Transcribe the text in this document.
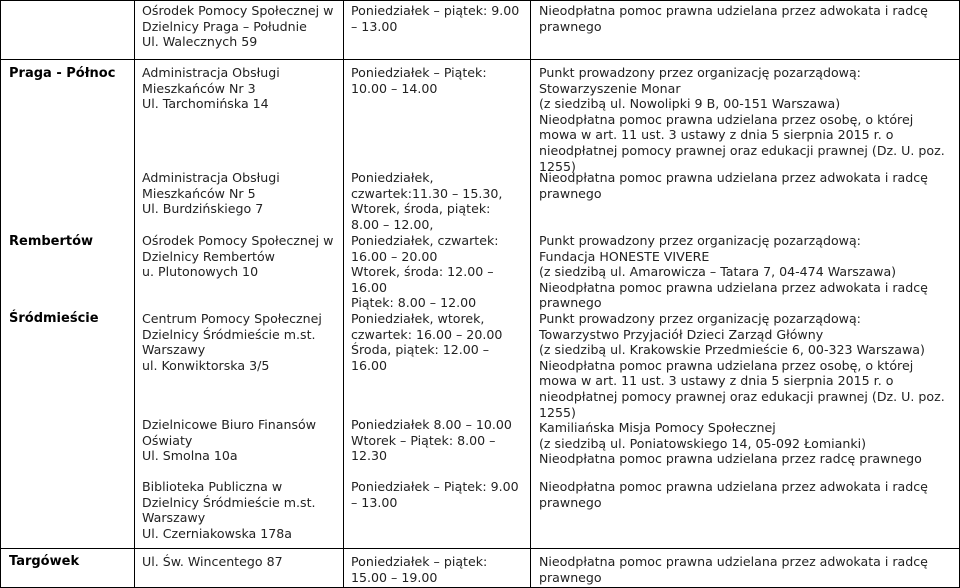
Ośrodek Pomocy Społecznej w
Dzielnicy Praga – Południe
Ul. Walecznych 59
Poniedziałek – piątek: 9.00
– 13.00
Nieodpłatna pomoc prawna udzielana przez adwokata i radcę
prawnego
Praga - Północ
Rembertów
Śródmieście
Targówek
Administracja Obsługi
Mieszkańców Nr 3
Ul. Tarchomińska 14
Administracja Obsługi
Mieszkańców Nr 5
Ul. Burdzińskiego 7
Ośrodek Pomocy Społecznej w
Dzielnicy Rembertów
u. Plutonowych 10
Centrum Pomocy Społecznej
Dzielnicy Śródmieście m.st.
Warszawy
ul. Konwiktorska 3/5
Dzielnicowe Biuro Finansów
Oświaty
Ul. Smolna 10a
Biblioteka Publiczna w
Dzielnicy Śródmieście m.st.
Warszawy
Ul. Czerniakowska 178a
Ul. Św. Wincentego 87
Poniedziałek – Piątek:
10.00 – 14.00
Poniedziałek,
czwartek:11.30 – 15.30,
Wtorek, środa, piątek:
8.00 – 12.00,
Poniedziałek, czwartek:
16.00 – 20.00
Wtorek, środa: 12.00 –
16.00
Piątek: 8.00 – 12.00
Poniedziałek, wtorek,
czwartek: 16.00 – 20.00
Środa, piątek: 12.00 –
16.00
Poniedziałek 8.00 – 10.00
Wtorek – Piątek: 8.00 –
12.30
Poniedziałek – Piątek: 9.00
– 13.00
Poniedziałek – piątek:
15.00 – 19.00
Punkt prowadzony przez organizację pozarządową:
Stowarzyszenie Monar
(z siedzibą ul. Nowolipki 9 B, 00-151 Warszawa)
Nieodpłatna pomoc prawna udzielana przez osobę, o której
mowa w art. 11 ust. 3 ustawy z dnia 5 sierpnia 2015 r. o
nieodpłatnej pomocy prawnej oraz edukacji prawnej (Dz. U. poz.
1255)
Nieodpłatna pomoc prawna udzielana przez adwokata i radcę
prawnego
Punkt prowadzony przez organizację pozarządową:
Fundacja HONESTE VIVERE
(z siedzibą ul. Amarowicza – Tatara 7, 04-474 Warszawa)
Nieodpłatna pomoc prawna udzielana przez adwokata i radcę
prawnego
Punkt prowadzony przez organizację pozarządową:
Towarzystwo Przyjaciół Dzieci Zarząd Główny
(z siedzibą ul. Krakowskie Przedmieście 6, 00-323 Warszawa)
Nieodpłatna pomoc prawna udzielana przez osobę, o której
mowa w art. 11 ust. 3 ustawy z dnia 5 sierpnia 2015 r. o
nieodpłatnej pomocy prawnej oraz edukacji prawnej (Dz. U. poz.
1255)
Kamiliańska Misja Pomocy Społecznej
(z siedzibą ul. Poniatowskiego 14, 05-092 Łomianki)
Nieodpłatna pomoc prawna udzielana przez radcę prawnego
Nieodpłatna pomoc prawna udzielana przez adwokata i radcę
prawnego
Nieodpłatna pomoc prawna udzielana przez adwokata i radcę
prawnego
